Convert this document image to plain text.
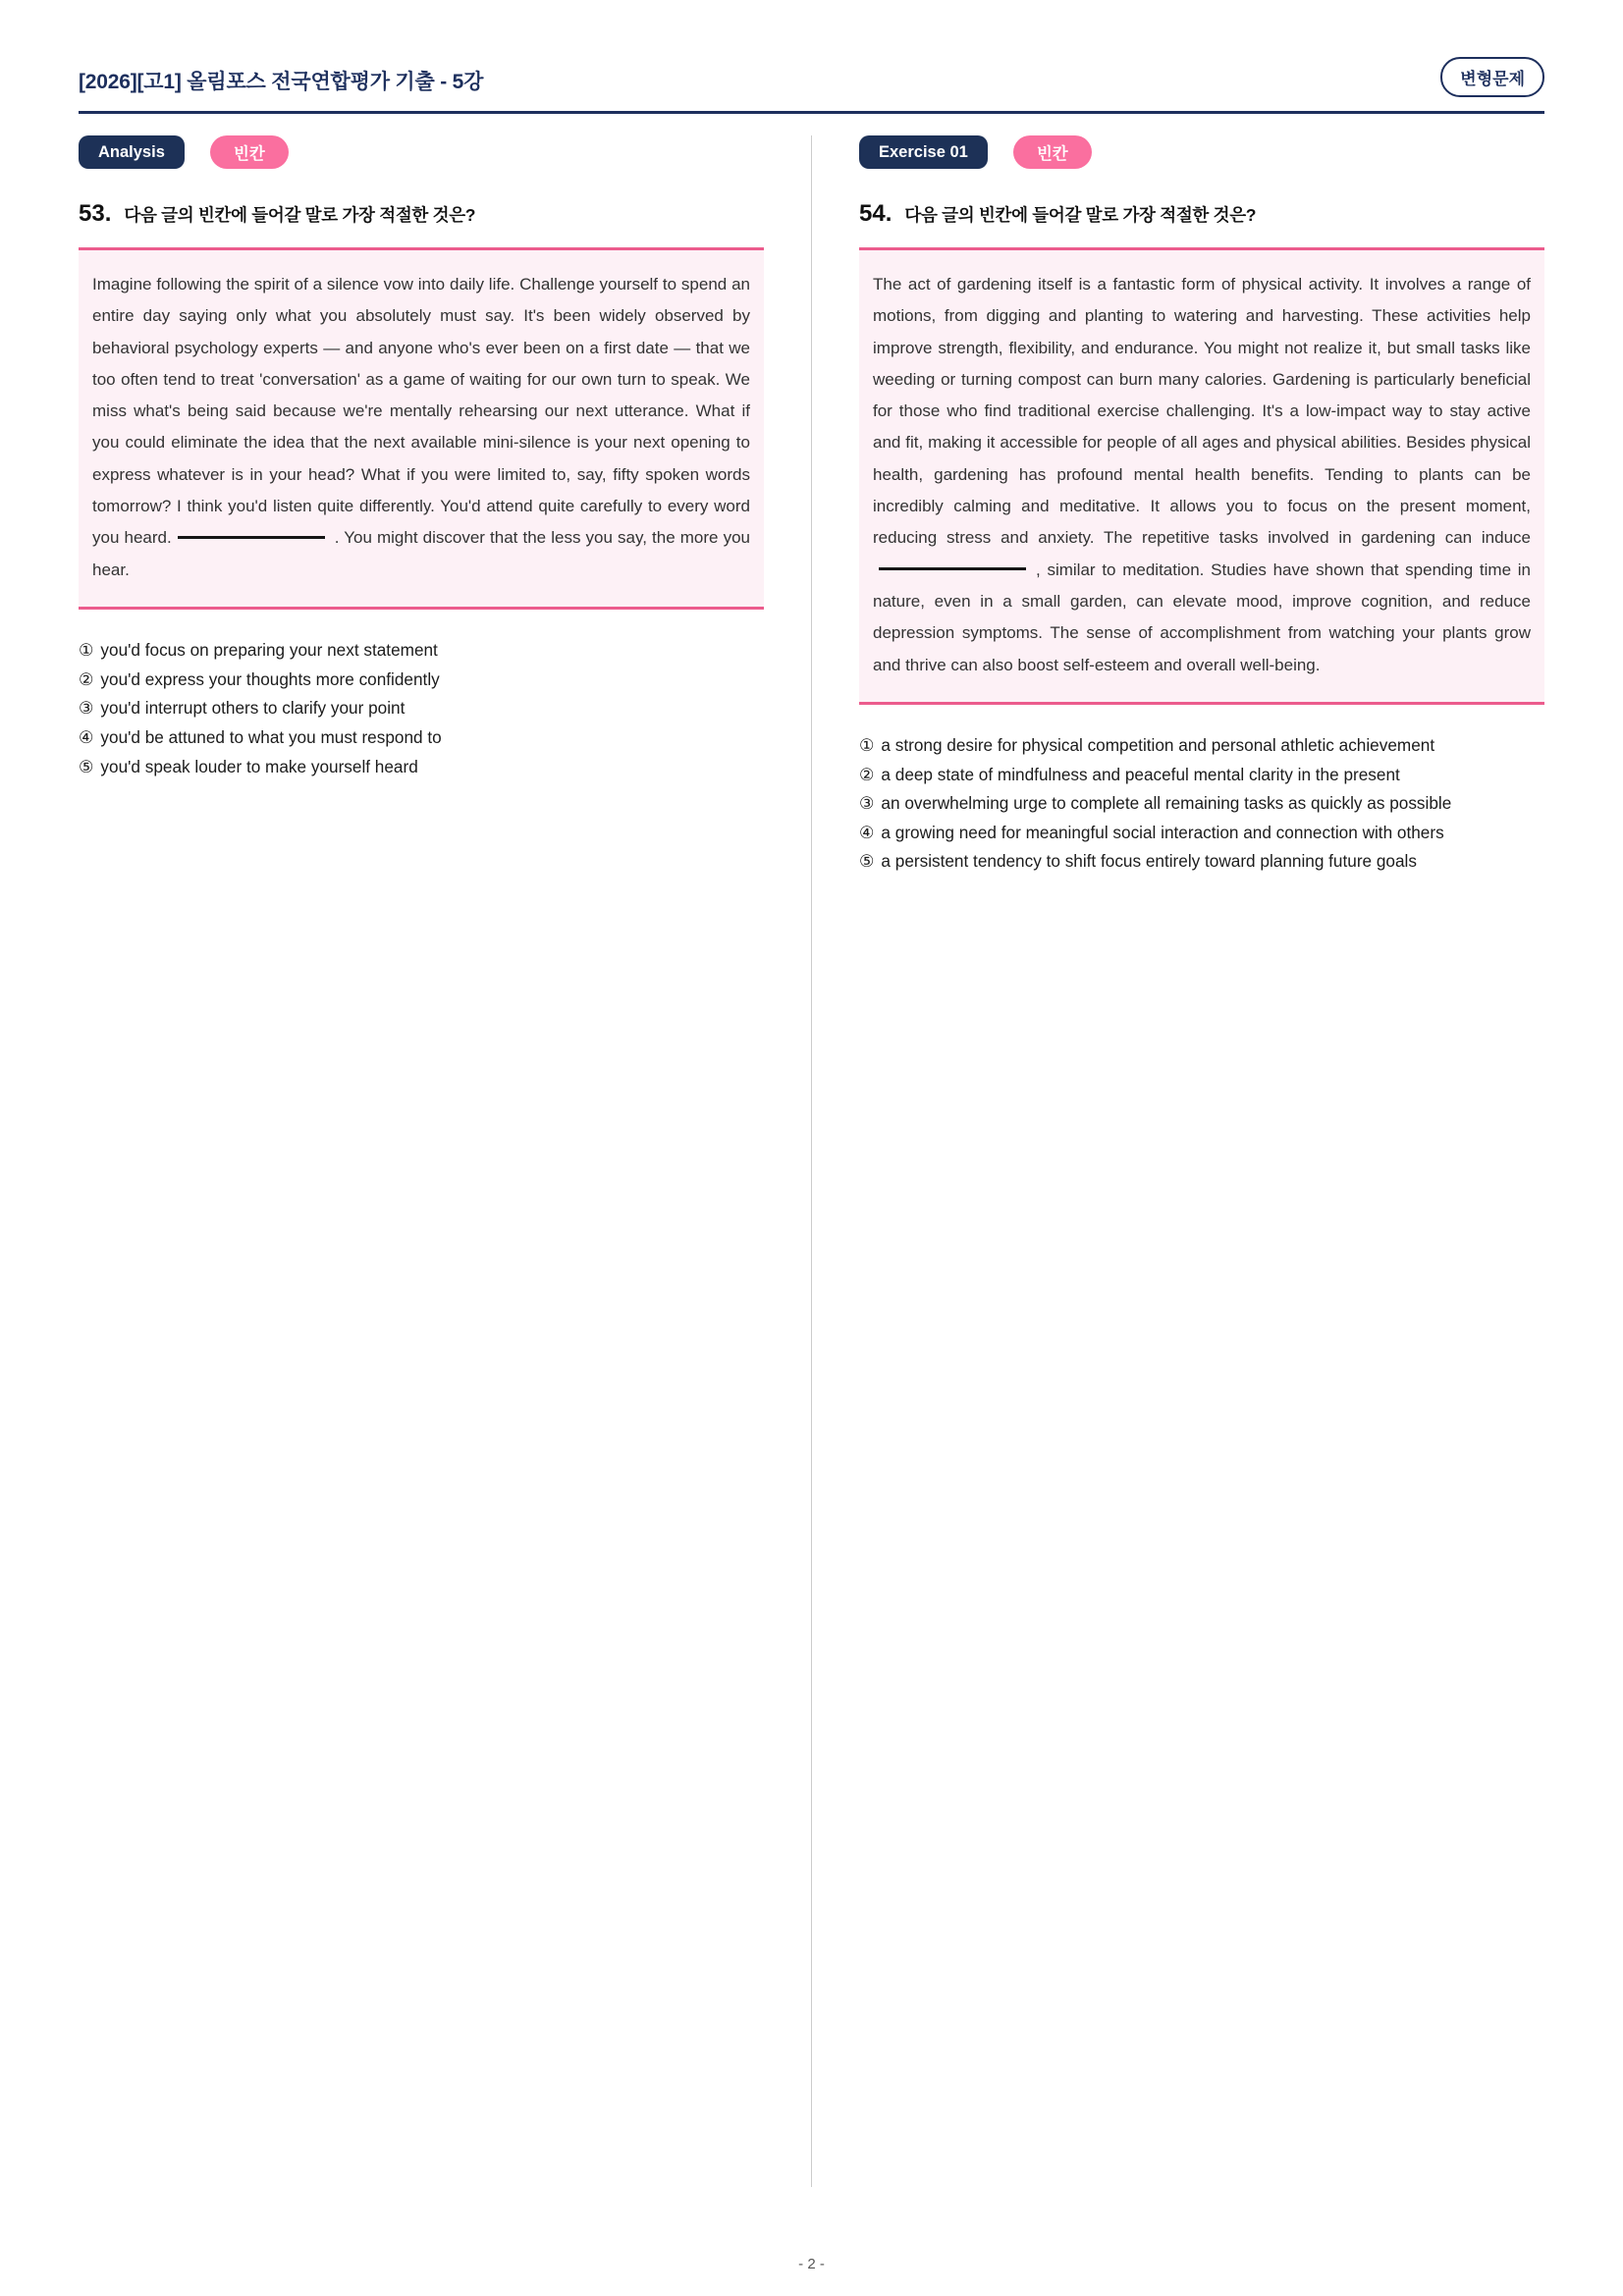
[2026][고1] 올림포스 전국연합평가 기출 - 5강	변형문제
Analysis	빈칸
53. 다음 글의 빈칸에 들어갈 말로 가장 적절한 것은?
Imagine following the spirit of a silence vow into daily life. Challenge yourself to spend an entire day saying only what you absolutely must say. It's been widely observed by behavioral psychology experts — and anyone who's ever been on a first date — that we too often tend to treat 'conversation' as a game of waiting for our own turn to speak. We miss what's being said because we're mentally rehearsing our next utterance. What if you could eliminate the idea that the next available mini-silence is your next opening to express whatever is in your head? What if you were limited to, say, fifty spoken words tomorrow? I think you'd listen quite differently. You'd attend quite carefully to every word you heard.	. You might discover that the less you say, the more you hear.
① you'd focus on preparing your next statement
② you'd express your thoughts more confidently
③ you'd interrupt others to clarify your point
④ you'd be attuned to what you must respond to
⑤ you'd speak louder to make yourself heard
Exercise 01	빈칸
54. 다음 글의 빈칸에 들어갈 말로 가장 적절한 것은?
The act of gardening itself is a fantastic form of physical activity. It involves a range of motions, from digging and planting to watering and harvesting. These activities help improve strength, flexibility, and endurance. You might not realize it, but small tasks like weeding or turning compost can burn many calories. Gardening is particularly beneficial for those who find traditional exercise challenging. It's a low-impact way to stay active and fit, making it accessible for people of all ages and physical abilities. Besides physical health, gardening has profound mental health benefits. Tending to plants can be incredibly calming and meditative. It allows you to focus on the present moment, reducing stress and anxiety. The repetitive tasks involved in gardening can induce, similar to meditation. Studies have shown that spending time in nature, even in a small garden, can elevate mood, improve cognition, and reduce depression symptoms. The sense of accomplishment from watching your plants grow and thrive can also boost self-esteem and overall well-being.
① a strong desire for physical competition and personal athletic achievement
② a deep state of mindfulness and peaceful mental clarity in the present
③ an overwhelming urge to complete all remaining tasks as quickly as possible
④ a growing need for meaningful social interaction and connection with others
⑤ a persistent tendency to shift focus entirely toward planning future goals
- 2 -
